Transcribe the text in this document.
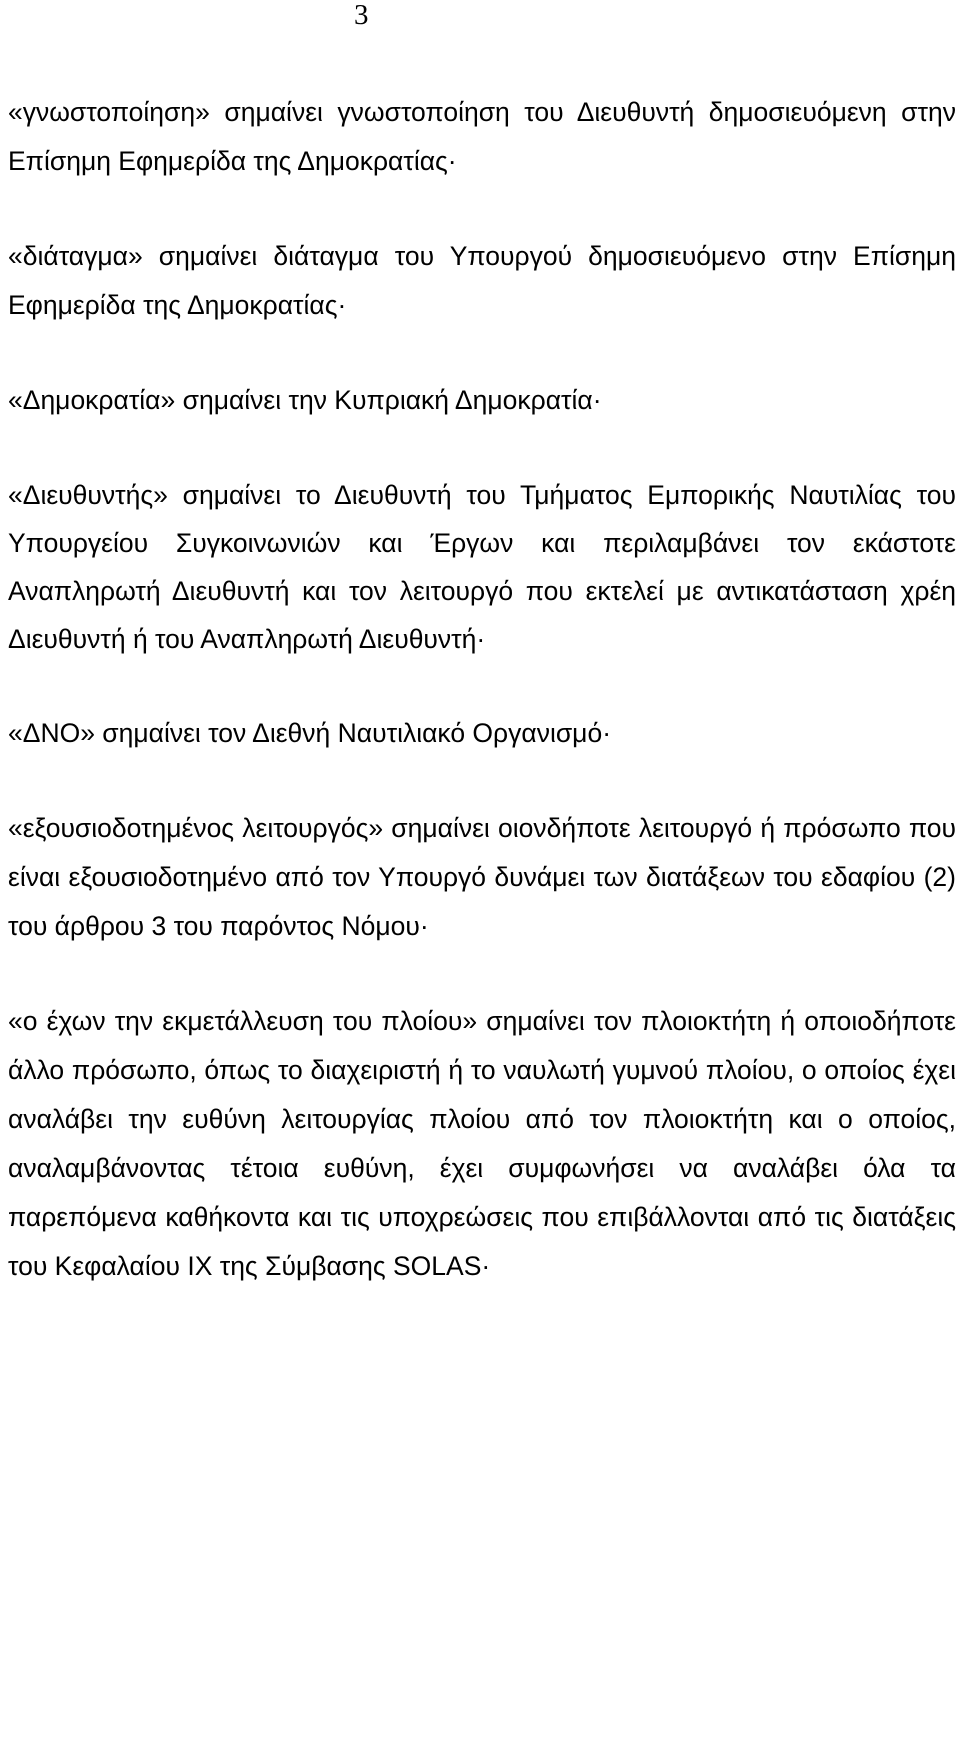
3

«γνωστοποίηση» σημαίνει γνωστοποίηση του Διευθυντή δημοσιευόμενη στην Επίσημη Εφημερίδα της Δημοκρατίας·

«διάταγμα» σημαίνει διάταγμα του Υπουργού δημοσιευόμενο στην Επίσημη Εφημερίδα της Δημοκρατίας·

«Δημοκρατία» σημαίνει την Κυπριακή Δημοκρατία·

«Διευθυντής» σημαίνει το Διευθυντή του Τμήματος Εμπορικής Ναυτιλίας του Υπουργείου Συγκοινωνιών και Έργων και περιλαμβάνει τον εκάστοτε Αναπληρωτή Διευθυντή και τον λειτουργό που εκτελεί με αντικατάσταση χρέη Διευθυντή ή του Αναπληρωτή Διευθυντή·

«ΔΝΟ» σημαίνει τον Διεθνή Ναυτιλιακό Οργανισμό·

«εξουσιοδοτημένος λειτουργός» σημαίνει οιονδήποτε λειτουργό ή πρόσωπο που είναι εξουσιοδοτημένο από τον Υπουργό δυνάμει των διατάξεων του εδαφίου (2) του άρθρου 3 του παρόντος Νόμου·

«ο έχων την εκμετάλλευση του πλοίου» σημαίνει τον πλοιοκτήτη ή οποιοδήποτε άλλο πρόσωπο, όπως το διαχειριστή ή το ναυλωτή γυμνού πλοίου, ο οποίος έχει αναλάβει την ευθύνη λειτουργίας πλοίου από τον πλοιοκτήτη και ο οποίος, αναλαμβάνοντας τέτοια ευθύνη, έχει συμφωνήσει να αναλάβει όλα τα παρεπόμενα καθήκοντα και τις υποχρεώσεις που επιβάλλονται από τις διατάξεις του Κεφαλαίου IX της Σύμβασης SOLAS·
